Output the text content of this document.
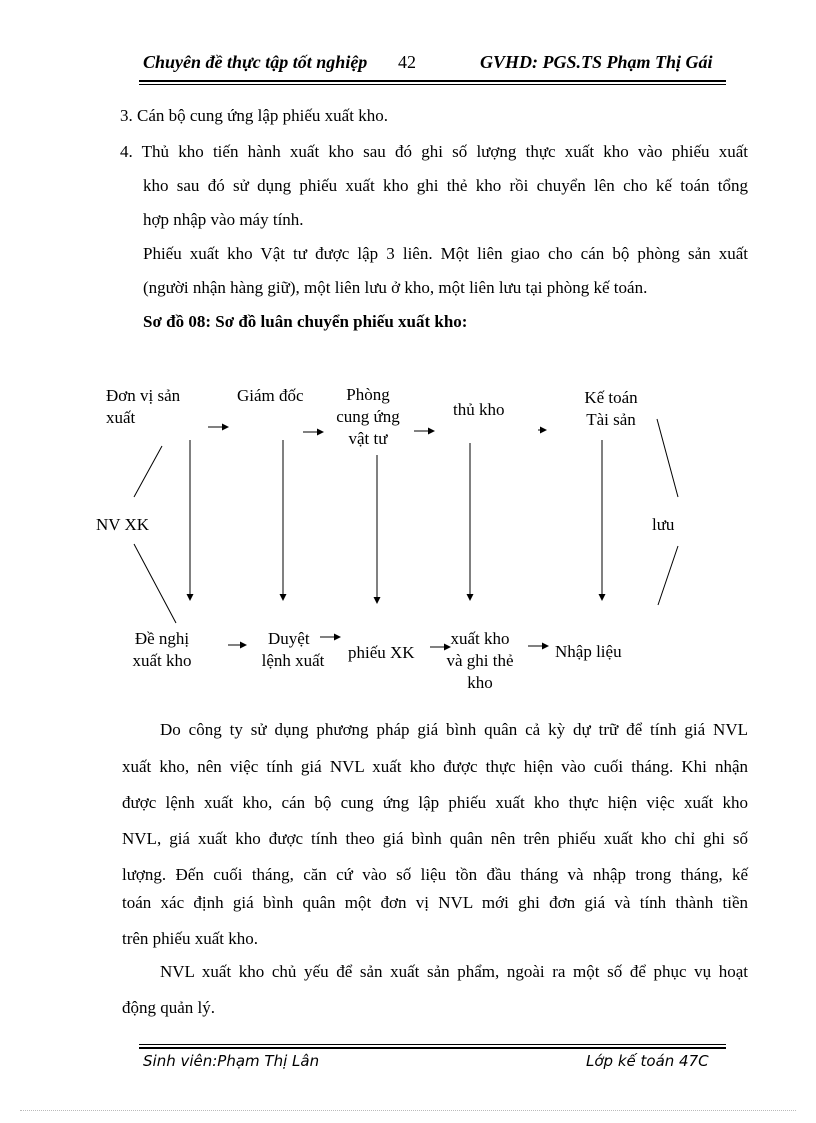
Chuyên đề thực tập tốt nghiệp 42	GVHD: PGS.TS Phạm Thị Gái
3. Cán bộ cung ứng lập phiếu xuất kho.
4. Thủ kho tiến hành xuất kho sau đó ghi số lượng thực xuất kho vào phiếu xuất
kho sau đó sử dụng phiếu xuất kho ghi thẻ kho rồi chuyển lên cho kế toán tổng
hợp nhập vào máy tính.
Phiếu xuất kho Vật tư được lập 3 liên. Một liên giao cho cán bộ phòng sản xuất
(người nhận hàng giữ), một liên lưu ở kho, một liên lưu tại phòng kế toán.
Sơ đồ 08: Sơ đồ luân chuyển phiếu xuất kho:
Đơn vị sản
xuất
Giám đốc	Phòng
cung ứng
vật tư
thủ kho
Kế toán
Tài sản
NV XK	lưu
Đề nghị
xuất kho
Duyệt
lệnh xuất	phiếu XK
xuất kho
và ghi thẻ
kho
Nhập liệu
Do công ty sử dụng phương pháp giá bình quân cả kỳ dự trữ để tính giá NVL
xuất kho, nên việc tính giá NVL xuất kho được thực hiện vào cuối tháng. Khi nhận
được lệnh xuất kho, cán bộ cung ứng lập phiếu xuất kho thực hiện việc xuất kho
NVL, giá xuất kho được tính theo giá bình quân nên trên phiếu xuất kho chỉ ghi số
lượng. Đến cuối tháng, căn cứ vào số liệu tồn đầu tháng và nhập trong tháng, kế
toán xác định giá bình quân một đơn vị NVL mới ghi đơn giá và tính thành tiền
trên phiếu xuất kho.
NVL xuất kho chủ yếu để sản xuất sản phẩm, ngoài ra một số để phục vụ hoạt
động quản lý.
Sinh viên:Phạm Thị Lân	Lớp kế toán 47C
